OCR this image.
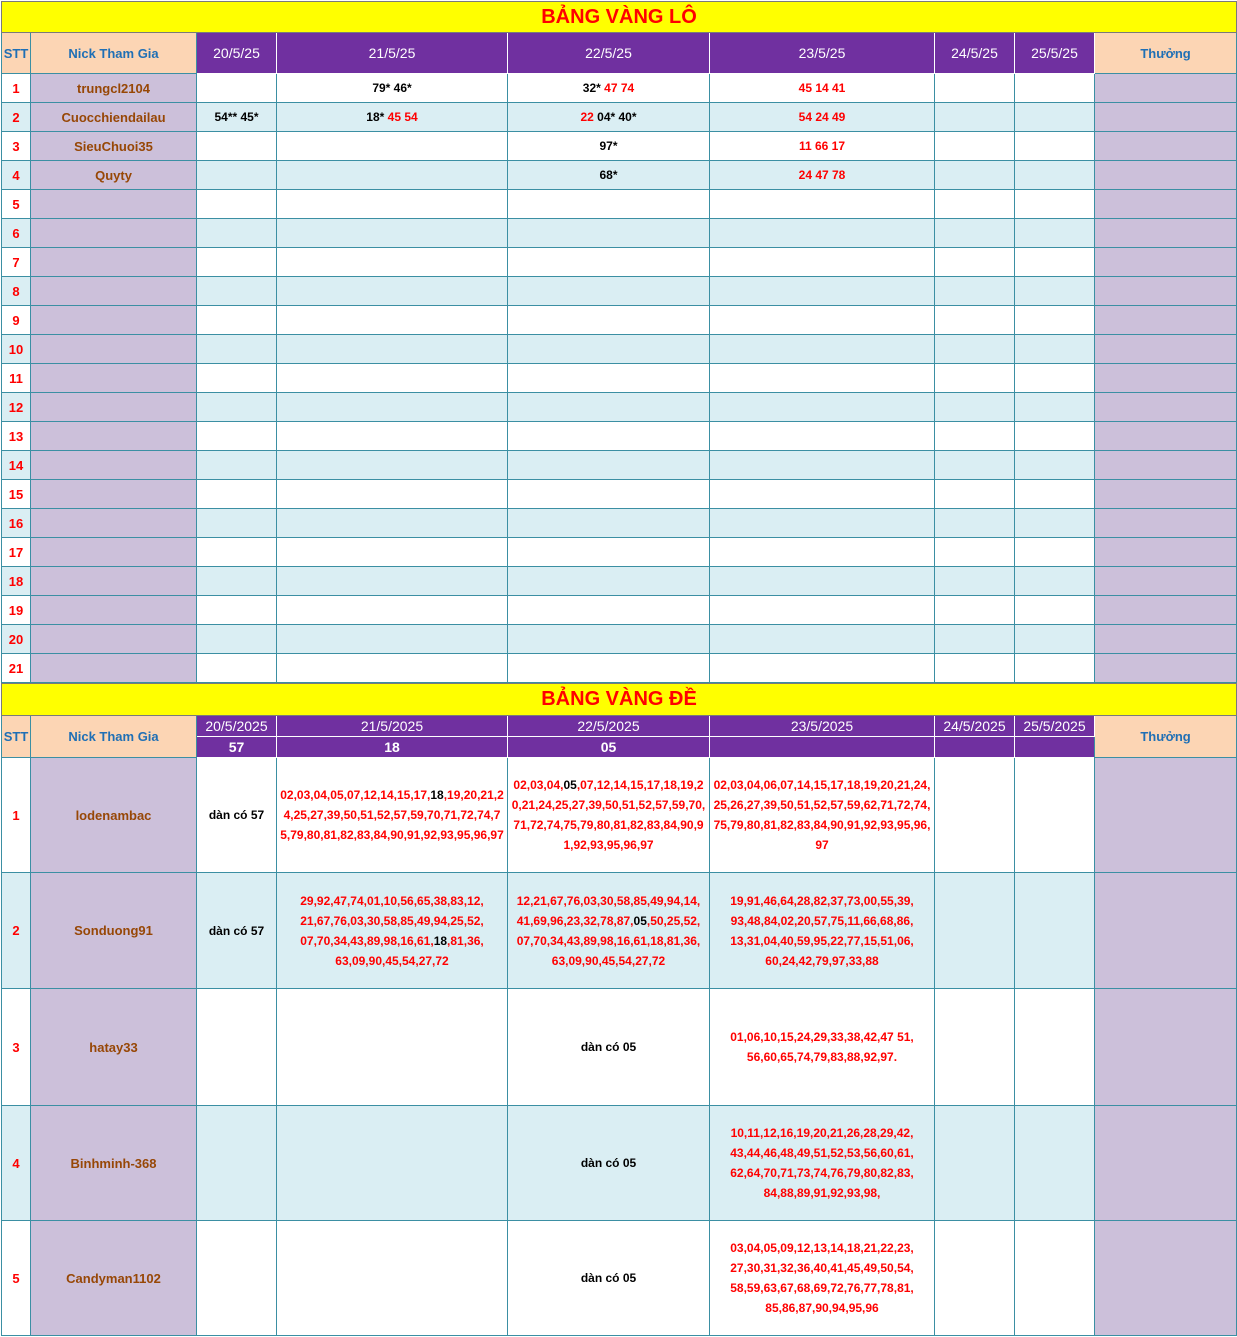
BẢNG VÀNG LÔ								
STT	Nick Tham Gia	20/5/25	21/5/25	22/5/25	23/5/25	24/5/25	25/5/25	Thưởng
1	trungcl2104		79* 46*	32* 47 74	45 14 41			
2	Cuocchiendailau	54** 45*	18* 45 54	22 04* 40*	54 24 49			
3	SieuChuoi35			97*	11 66 17			
4	Quyty			68*	24 47 78			
5								
6								
7								
8								
9								
10								
11								
12								
13								
14								
15								
16								
17								
18								
19								
20								
21								
BẢNG VÀNG ĐỀ								
STT	Nick Tham Gia	20/5/2025	21/5/2025	22/5/2025	23/5/2025	24/5/2025	25/5/2025	Thưởng
		57	18	05				
1	lodenambac	dàn có 57	02,03,04,05,07,12,14,15,17,18,19,20,21,24,25,27,39,50,51,52,57,59,70,71,72,74,75,79,80,81,82,83,84,90,91,92,93,95,96,97	02,03,04,05,07,12,14,15,17,18,19,20,21,24,25,27,39,50,51,52,57,59,70,71,72,74,75,79,80,81,82,83,84,90,91,92,93,95,96,97	02,03,04,06,07,14,15,17,18,19,20,21,24,25,26,27,39,50,51,52,57,59,62,71,72,74,75,79,80,81,82,83,84,90,91,92,93,95,96,97			

2	Sonduong91	dàn có 57	29,92,47,74,01,10,56,65,38,83,12,21,67,76,03,30,58,85,49,94,25,52,07,70,34,43,89,98,16,61,18,81,36,63,09,90,45,54,27,72	12,21,67,76,03,30,58,85,49,94,14,41,69,96,23,32,78,87,05,50,25,52,07,70,34,43,89,98,16,61,18,81,36,63,09,90,45,54,27,72	19,91,46,64,28,82,37,73,00,55,39,93,48,84,02,20,57,75,11,66,68,86,13,31,04,40,59,95,22,77,15,51,06,60,24,42,79,97,33,88			

3	hatay33			dàn có 05	01,06,10,15,24,29,33,38,42,47 51,56,60,65,74,79,83,88,92,97.			

4	Binhminh-368			dàn có 05	10,11,12,16,19,20,21,26,28,29,42,43,44,46,48,49,51,52,53,56,60,61,62,64,70,71,73,74,76,79,80,82,83,84,88,89,91,92,93,98,			

5	Candyman1102			dàn có 05	03,04,05,09,12,13,14,18,21,22,23,27,30,31,32,36,40,41,45,49,50,54,58,59,63,67,68,69,72,76,77,78,81,85,86,87,90,94,95,96			
